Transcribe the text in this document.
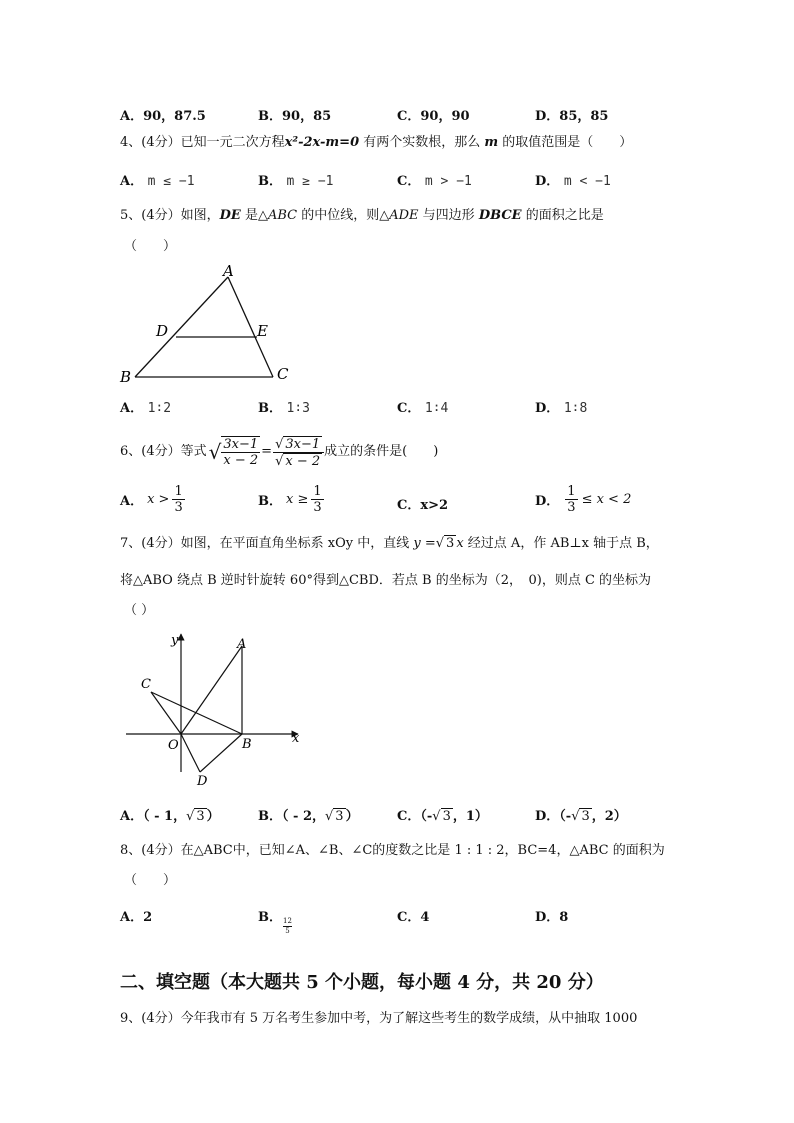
A．90，87.5	B．90，85	C．90，90	D．85，85
4、(4分）已知一元二次方程x²-2x-m=0 有两个实数根，那么 m 的取值范围是（　　）
A． m ≤ −1	B． m ≥ −1	C． m > −1	D． m < −1
5、(4分）如图，DE 是△ABC 的中位线，则△ADE 与四边形 DBCE 的面积之比是
（　　）
A
D	E
B	C
A． 1∶2	B． 1∶3	C． 1∶4	D． 1∶8
6、(4分）等式 √ $\frac{3x-1}{x - 2} = \frac{√ 3x-1}{√ x - 2}$ 成立的条件是(　　)
A． $x > \frac{1}{3}$	B． $x \ge \frac{1}{3}$	C．x>2	D． $\frac{1}{3} \le x < 2$
7、(4分）如图，在平面直角坐标系 xOy 中，直线 y =√ 3 x 经过点 A，作 AB⊥x 轴于点 B，
将△ABO 绕点 B 逆时针旋转 60°得到△CBD．若点 B 的坐标为（2，　0)，则点 C 的坐标为
（ ）
y
x
A
B
C
D
O
A．（ - 1，√ 3 ）	B．（ - 2，√ 3 ）	C．（-√ 3 ，1）	D．（-√ 3 ，2）
8、(4分）在△ABC中，已知∠A、∠B、∠C的度数之比是 1 : 1 : 2，BC=4，△ABC 的面积为
（　　）
A．2	B． 12
5
C．4	D．8
二、填空题（本大题共 5 个小题，每小题 4 分，共 20 分）
9、(4分）今年我市有 5 万名考生参加中考，为了解这些考生的数学成绩，从中抽取 1000
